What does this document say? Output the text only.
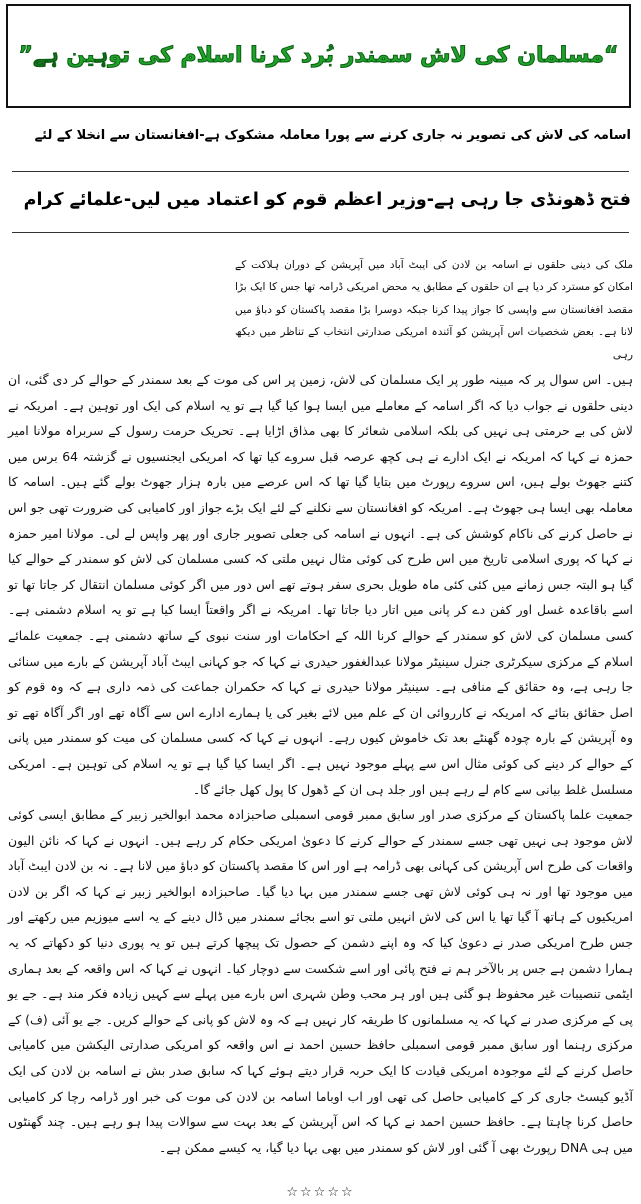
“مسلمان کی لاش سمندر بُرد کرنا اسلام کی توہین ہے”
اسامہ کی لاش کی تصویر نہ جاری کرنے سے پورا معاملہ مشکوک ہے-افغانستان سے انخلا کے لئے
فتح ڈھونڈی جا رہی ہے-وزیر اعظم قوم کو اعتماد میں لیں-علمائے کرام

ملک کی دینی حلقوں نے اسامہ بن لادن کی ایبٹ آباد میں آپریشن کے دوران ہلاکت کے امکان کو مسترد کر دیا ہے ان حلقوں کے مطابق یہ محض امریکی ڈرامہ تھا جس کا ایک بڑا مقصد افغانستان سے واپسی کا جواز پیدا کرنا جبکہ دوسرا بڑا مقصد پاکستان کو دباؤ میں لانا ہے۔ بعض شخصیات اس آپریشن کو آئندہ امریکی صدارتی انتخاب کے تناظر میں دیکھ رہی

ہیں۔ اس سوال پر کہ مبینہ طور پر ایک مسلمان کی لاش، زمین پر اس کی موت کے بعد سمندر کے حوالے کر دی گئی، ان دینی حلقوں نے جواب دیا کہ اگر اسامہ کے معاملے میں ایسا ہوا کیا گیا ہے تو یہ اسلام کی ایک اور توہین ہے۔ امریکہ نے لاش کی بے حرمتی ہی نہیں کی بلکہ اسلامی شعائر کا بھی مذاق اڑایا ہے۔ تحریک حرمت رسول کے سربراہ مولانا امیر حمزہ نے کہا کہ امریکہ نے ایک ادارے نے ہی کچھ عرصہ قبل سروے کیا تھا کہ امریکی ایجنسیوں نے گزشتہ 64 برس میں کتنے جھوٹ بولے ہیں، اس سروے رپورٹ میں بتایا گیا تھا کہ اس عرصے میں بارہ ہزار جھوٹ بولے گئے ہیں۔ اسامہ کا معاملہ بھی ایسا ہی جھوٹ ہے۔ امریکہ کو افغانستان سے نکلنے کے لئے ایک بڑے جواز اور کامیابی کی ضرورت تھی جو اس نے حاصل کرنے کی ناکام کوشش کی ہے۔ انہوں نے اسامہ کی جعلی تصویر جاری اور پھر واپس لے لی۔ مولانا امیر حمزہ نے کہا کہ پوری اسلامی تاریخ میں اس طرح کی کوئی مثال نہیں ملتی کہ کسی مسلمان کی لاش کو سمندر کے حوالے کیا گیا ہو البتہ جس زمانے میں کئی کئی ماہ طویل بحری سفر ہوتے تھے اس دور میں اگر کوئی مسلمان انتقال کر جاتا تھا تو اسے باقاعدہ غسل اور کفن دے کر پانی میں اتار دیا جاتا تھا۔ امریکہ نے اگر واقعتاً ایسا کیا ہے تو یہ اسلام دشمنی ہے۔ کسی مسلمان کی لاش کو سمندر کے حوالے کرنا اللہ کے احکامات اور سنت نبوی کے ساتھ دشمنی ہے۔ جمعیت علمائے اسلام کے مرکزی سیکرٹری جنرل سینیٹر مولانا عبدالغفور حیدری نے کہا کہ جو کہانی ایبٹ آباد آپریشن کے بارے میں سنائی جا رہی ہے، وہ حقائق کے منافی ہے۔ سینیٹر مولانا حیدری نے کہا کہ حکمران جماعت کی ذمہ داری ہے کہ وہ قوم کو اصل حقائق بتائے کہ امریکہ نے کارروائی ان کے علم میں لائے بغیر کی یا ہمارے ادارے اس سے آگاہ تھے اور اگر آگاہ تھے تو وہ آپریشن کے بارہ چودہ گھنٹے بعد تک خاموش کیوں رہے۔ انہوں نے کہا کہ کسی مسلمان کی میت کو سمندر میں پانی کے حوالے کر دینے کی کوئی مثال اس سے پہلے موجود نہیں ہے۔ اگر ایسا کیا گیا ہے تو یہ اسلام کی توہین ہے۔ امریکی مسلسل غلط بیانی سے کام لے رہے ہیں اور جلد ہی ان کے ڈھول کا پول کھل جائے گا۔

جمعیت علما پاکستان کے مرکزی صدر اور سابق ممبر قومی اسمبلی صاحبزادہ محمد ابوالخیر زبیر کے مطابق ایسی کوئی لاش موجود ہی نہیں تھی جسے سمندر کے حوالے کرنے کا دعویٰ امریکی حکام کر رہے ہیں۔ انہوں نے کہا کہ نائن الیون واقعات کی طرح اس آپریشن کی کہانی بھی ڈرامہ ہے اور اس کا مقصد پاکستان کو دباؤ میں لانا ہے۔ نہ بن لادن ایبٹ آباد میں موجود تھا اور نہ ہی کوئی لاش تھی جسے سمندر میں بہا دیا گیا۔ صاحبزادہ ابوالخیر زبیر نے کہا کہ اگر بن لادن امریکیوں کے ہاتھ آ گیا تھا یا اس کی لاش انہیں ملتی تو اسے بجائے سمندر میں ڈال دینے کے یہ اسے میوزیم میں رکھتے اور جس طرح امریکی صدر نے دعویٰ کیا کہ وہ اپنے دشمن کے حصول تک پیچھا کرتے ہیں تو یہ پوری دنیا کو دکھاتے کہ یہ ہمارا دشمن ہے جس پر بالآخر ہم نے فتح پائی اور اسے شکست سے دوچار کیا۔ انہوں نے کہا کہ اس واقعہ کے بعد ہماری ایٹمی تنصیبات غیر محفوظ ہو گئی ہیں اور ہر محب وطن شہری اس بارے میں پہلے سے کہیں زیادہ فکر مند ہے۔ جے یو پی کے مرکزی صدر نے کہا کہ یہ مسلمانوں کا طریقہ کار نہیں ہے کہ وہ لاش کو پانی کے حوالے کریں۔ جے یو آئی (ف) کے مرکزی رہنما اور سابق ممبر قومی اسمبلی حافظ حسین احمد نے اس واقعہ کو امریکی صدارتی الیکشن میں کامیابی حاصل کرنے کے لئے موجودہ امریکی قیادت کا ایک حربہ قرار دیتے ہوئے کہا کہ سابق صدر بش نے اسامہ بن لادن کی ایک آڈیو کیسٹ جاری کر کے کامیابی حاصل کی تھی اور اب اوباما اسامہ بن لادن کی موت کی خبر اور ڈرامہ رچا کر کامیابی حاصل کرنا چاہتا ہے۔ حافظ حسین احمد نے کہا کہ اس آپریشن کے بعد بہت سے سوالات پیدا ہو رہے ہیں۔ چند گھنٹوں میں ہی DNA رپورٹ بھی آ گئی اور لاش کو سمندر میں بھی بہا دیا گیا، یہ کیسے ممکن ہے۔

☆☆☆☆☆
